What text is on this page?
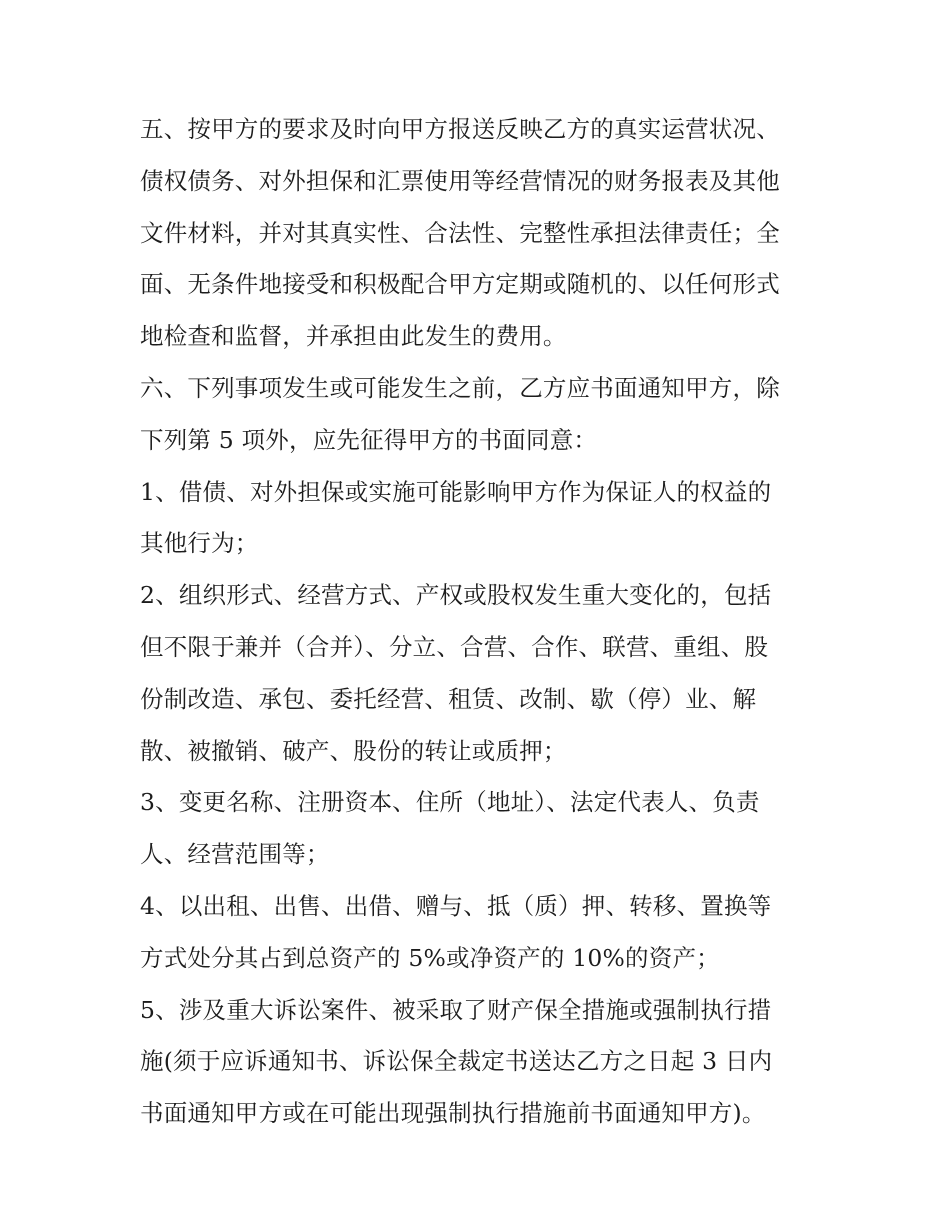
五、按甲方的要求及时向甲方报送反映乙方的真实运营状况、
债权债务、对外担保和汇票使用等经营情况的财务报表及其他
文件材料，并对其真实性、合法性、完整性承担法律责任；全
面、无条件地接受和积极配合甲方定期或随机的、以任何形式
地检查和监督，并承担由此发生的费用。
六、下列事项发生或可能发生之前，乙方应书面通知甲方，除
下列第 5 项外，应先征得甲方的书面同意：
1、借债、对外担保或实施可能影响甲方作为保证人的权益的
其他行为；
2、组织形式、经营方式、产权或股权发生重大变化的，包括
但不限于兼并（合并）、分立、合营、合作、联营、重组、股
份制改造、承包、委托经营、租赁、改制、歇（停）业、解
散、被撤销、破产、股份的转让或质押；
3、变更名称、注册资本、住所（地址）、法定代表人、负责
人、经营范围等；
4、以出租、出售、出借、赠与、抵（质）押、转移、置换等
方式处分其占到总资产的 5%或净资产的 10%的资产；
5、涉及重大诉讼案件、被采取了财产保全措施或强制执行措
施(须于应诉通知书、诉讼保全裁定书送达乙方之日起 3 日内
书面通知甲方或在可能出现强制执行措施前书面通知甲方)。
